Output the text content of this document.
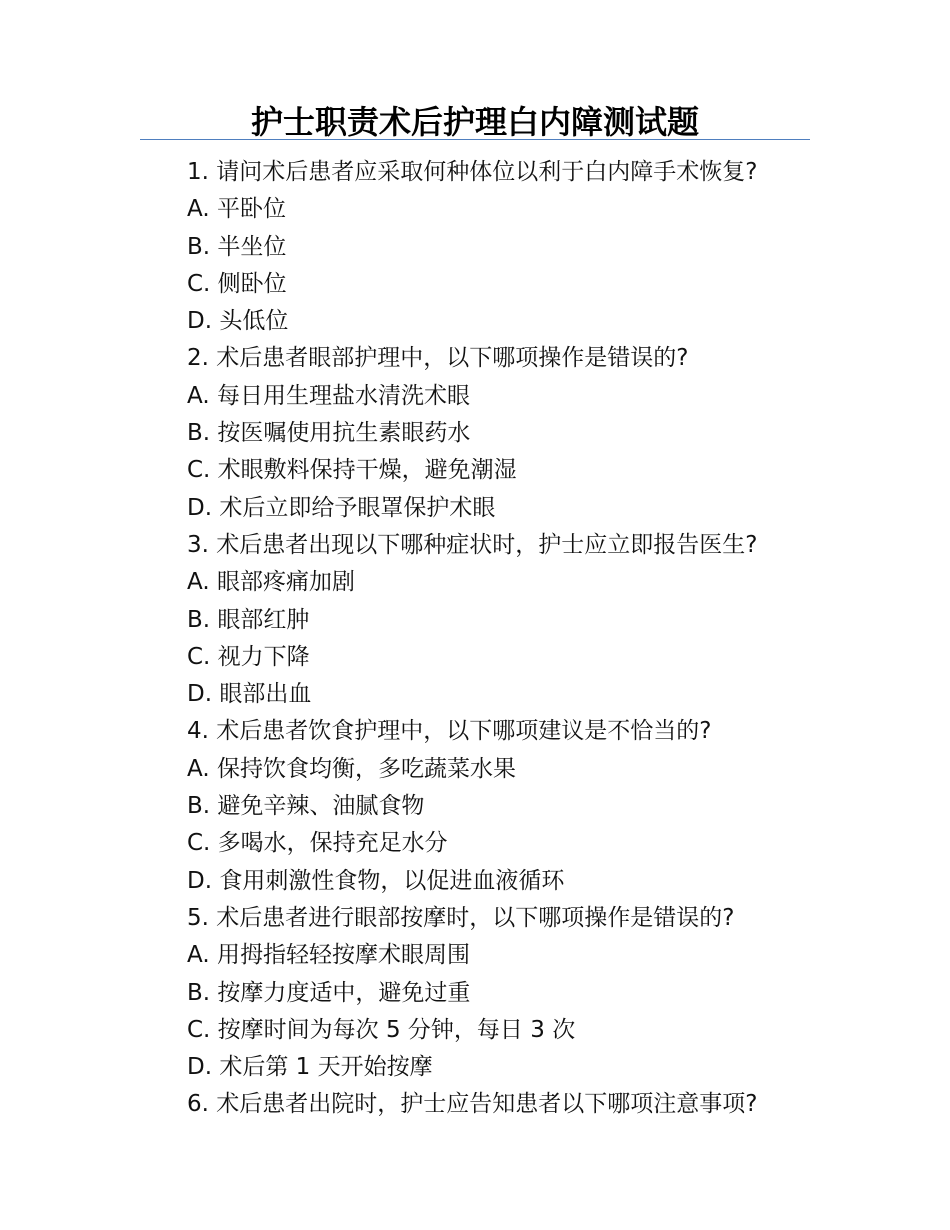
护士职责术后护理白内障测试题
1. 请问术后患者应采取何种体位以利于白内障手术恢复?
A. 平卧位
B. 半坐位
C. 侧卧位
D. 头低位
2. 术后患者眼部护理中，以下哪项操作是错误的?
A. 每日用生理盐水清洗术眼
B. 按医嘱使用抗生素眼药水
C. 术眼敷料保持干燥，避免潮湿
D. 术后立即给予眼罩保护术眼
3. 术后患者出现以下哪种症状时，护士应立即报告医生?
A. 眼部疼痛加剧
B. 眼部红肿
C. 视力下降
D. 眼部出血
4. 术后患者饮食护理中，以下哪项建议是不恰当的?
A. 保持饮食均衡，多吃蔬菜水果
B. 避免辛辣、油腻食物
C. 多喝水，保持充足水分
D. 食用刺激性食物，以促进血液循环
5. 术后患者进行眼部按摩时，以下哪项操作是错误的?
A. 用拇指轻轻按摩术眼周围
B. 按摩力度适中，避免过重
C. 按摩时间为每次 5 分钟，每日 3 次
D. 术后第 1 天开始按摩
6. 术后患者出院时，护士应告知患者以下哪项注意事项?
